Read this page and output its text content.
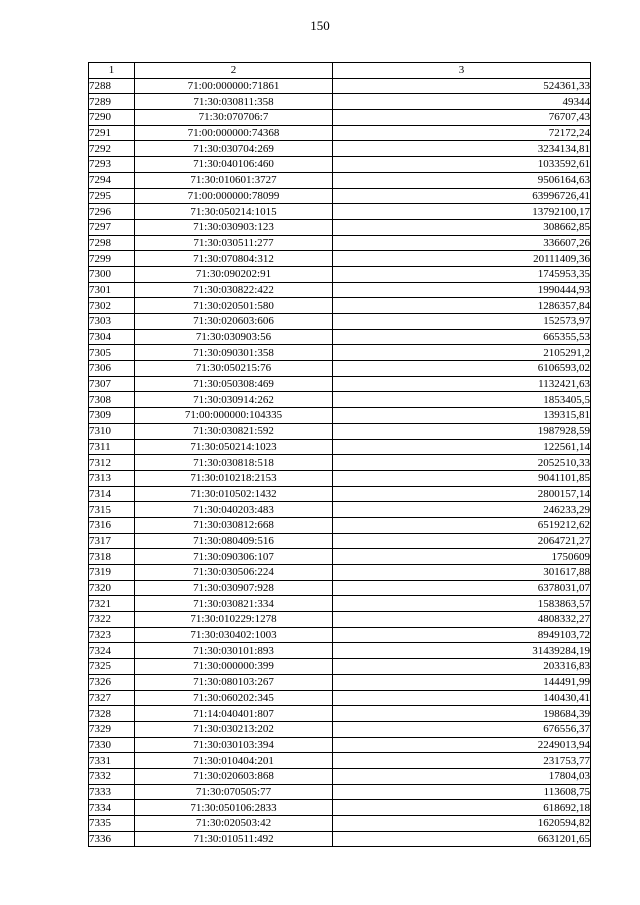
150
1	2	3
7288	71:00:000000:71861	524361,33
7289	71:30:030811:358	49344
7290	71:30:070706:7	76707,43
7291	71:00:000000:74368	72172,24
7292	71:30:030704:269	3234134,81
7293	71:30:040106:460	1033592,61
7294	71:30:010601:3727	9506164,63
7295	71:00:000000:78099	63996726,41
7296	71:30:050214:1015	13792100,17
7297	71:30:030903:123	308662,85
7298	71:30:030511:277	336607,26
7299	71:30:070804:312	20111409,36
7300	71:30:090202:91	1745953,35
7301	71:30:030822:422	1990444,93
7302	71:30:020501:580	1286357,84
7303	71:30:020603:606	152573,97
7304	71:30:030903:56	665355,53
7305	71:30:090301:358	2105291,2
7306	71:30:050215:76	6106593,02
7307	71:30:050308:469	1132421,63
7308	71:30:030914:262	1853405,5
7309	71:00:000000:104335	139315,81
7310	71:30:030821:592	1987928,59
7311	71:30:050214:1023	122561,14
7312	71:30:030818:518	2052510,33
7313	71:30:010218:2153	9041101,85
7314	71:30:010502:1432	2800157,14
7315	71:30:040203:483	246233,29
7316	71:30:030812:668	6519212,62
7317	71:30:080409:516	2064721,27
7318	71:30:090306:107	1750609
7319	71:30:030506:224	301617,88
7320	71:30:030907:928	6378031,07
7321	71:30:030821:334	1583863,57
7322	71:30:010229:1278	4808332,27
7323	71:30:030402:1003	8949103,72
7324	71:30:030101:893	31439284,19
7325	71:30:000000:399	203316,83
7326	71:30:080103:267	144491,99
7327	71:30:060202:345	140430,41
7328	71:14:040401:807	198684,39
7329	71:30:030213:202	676556,37
7330	71:30:030103:394	2249013,94
7331	71:30:010404:201	231753,77
7332	71:30:020603:868	17804,03
7333	71:30:070505:77	113608,75
7334	71:30:050106:2833	618692,18
7335	71:30:020503:42	1620594,82
7336	71:30:010511:492	6631201,65
